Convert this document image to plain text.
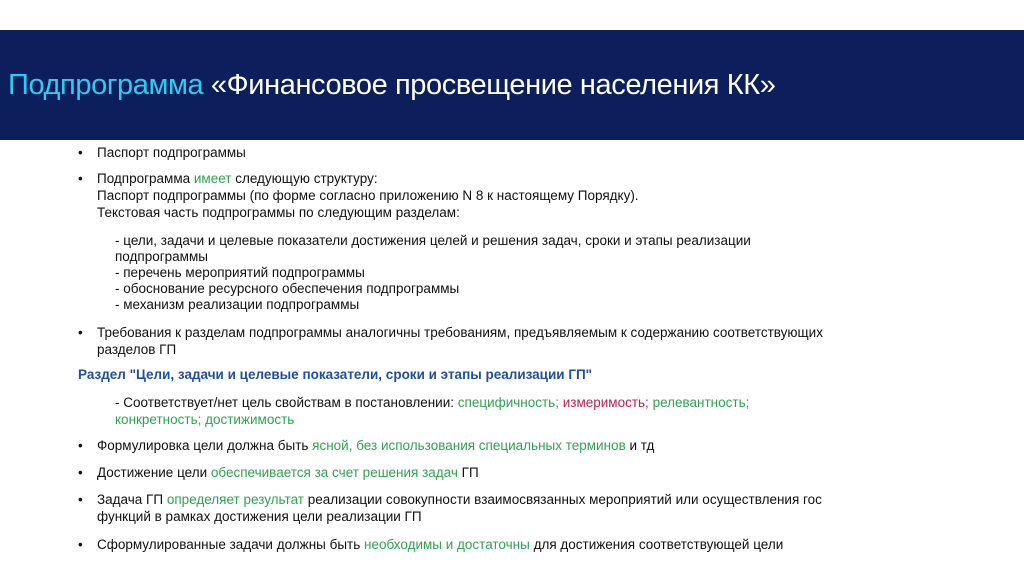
Подпрограмма «Финансовое просвещение населения КК»
• Паспорт подпрограммы
• Подпрограмма имеет следующую структуру:
Паспорт подпрограммы (по форме согласно приложению N 8 к настоящему Порядку).
Текстовая часть подпрограммы по следующим разделам:
- цели, задачи и целевые показатели достижения целей и решения задач, сроки и этапы реализации
подпрограммы
- перечень мероприятий подпрограммы
- обоснование ресурсного обеспечения подпрограммы
- механизм реализации подпрограммы
• Требования к разделам подпрограммы аналогичны требованиям, предъявляемым к содержанию соответствующих
разделов ГП
Раздел "Цели, задачи и целевые показатели, сроки и этапы реализации ГП"
- Соответствует/нет цель свойствам в постановлении: специфичность; измеримость; релевантность;
конкретность; достижимость
• Формулировка цели должна быть ясной, без использования специальных терминов и тд
• Достижение цели обеспечивается за счет решения задач ГП
• Задача ГП определяет результат реализации совокупности взаимосвязанных мероприятий или осуществления гос
функций в рамках достижения цели реализации ГП
• Сформулированные задачи должны быть необходимы и достаточны для достижения соответствующей цели
